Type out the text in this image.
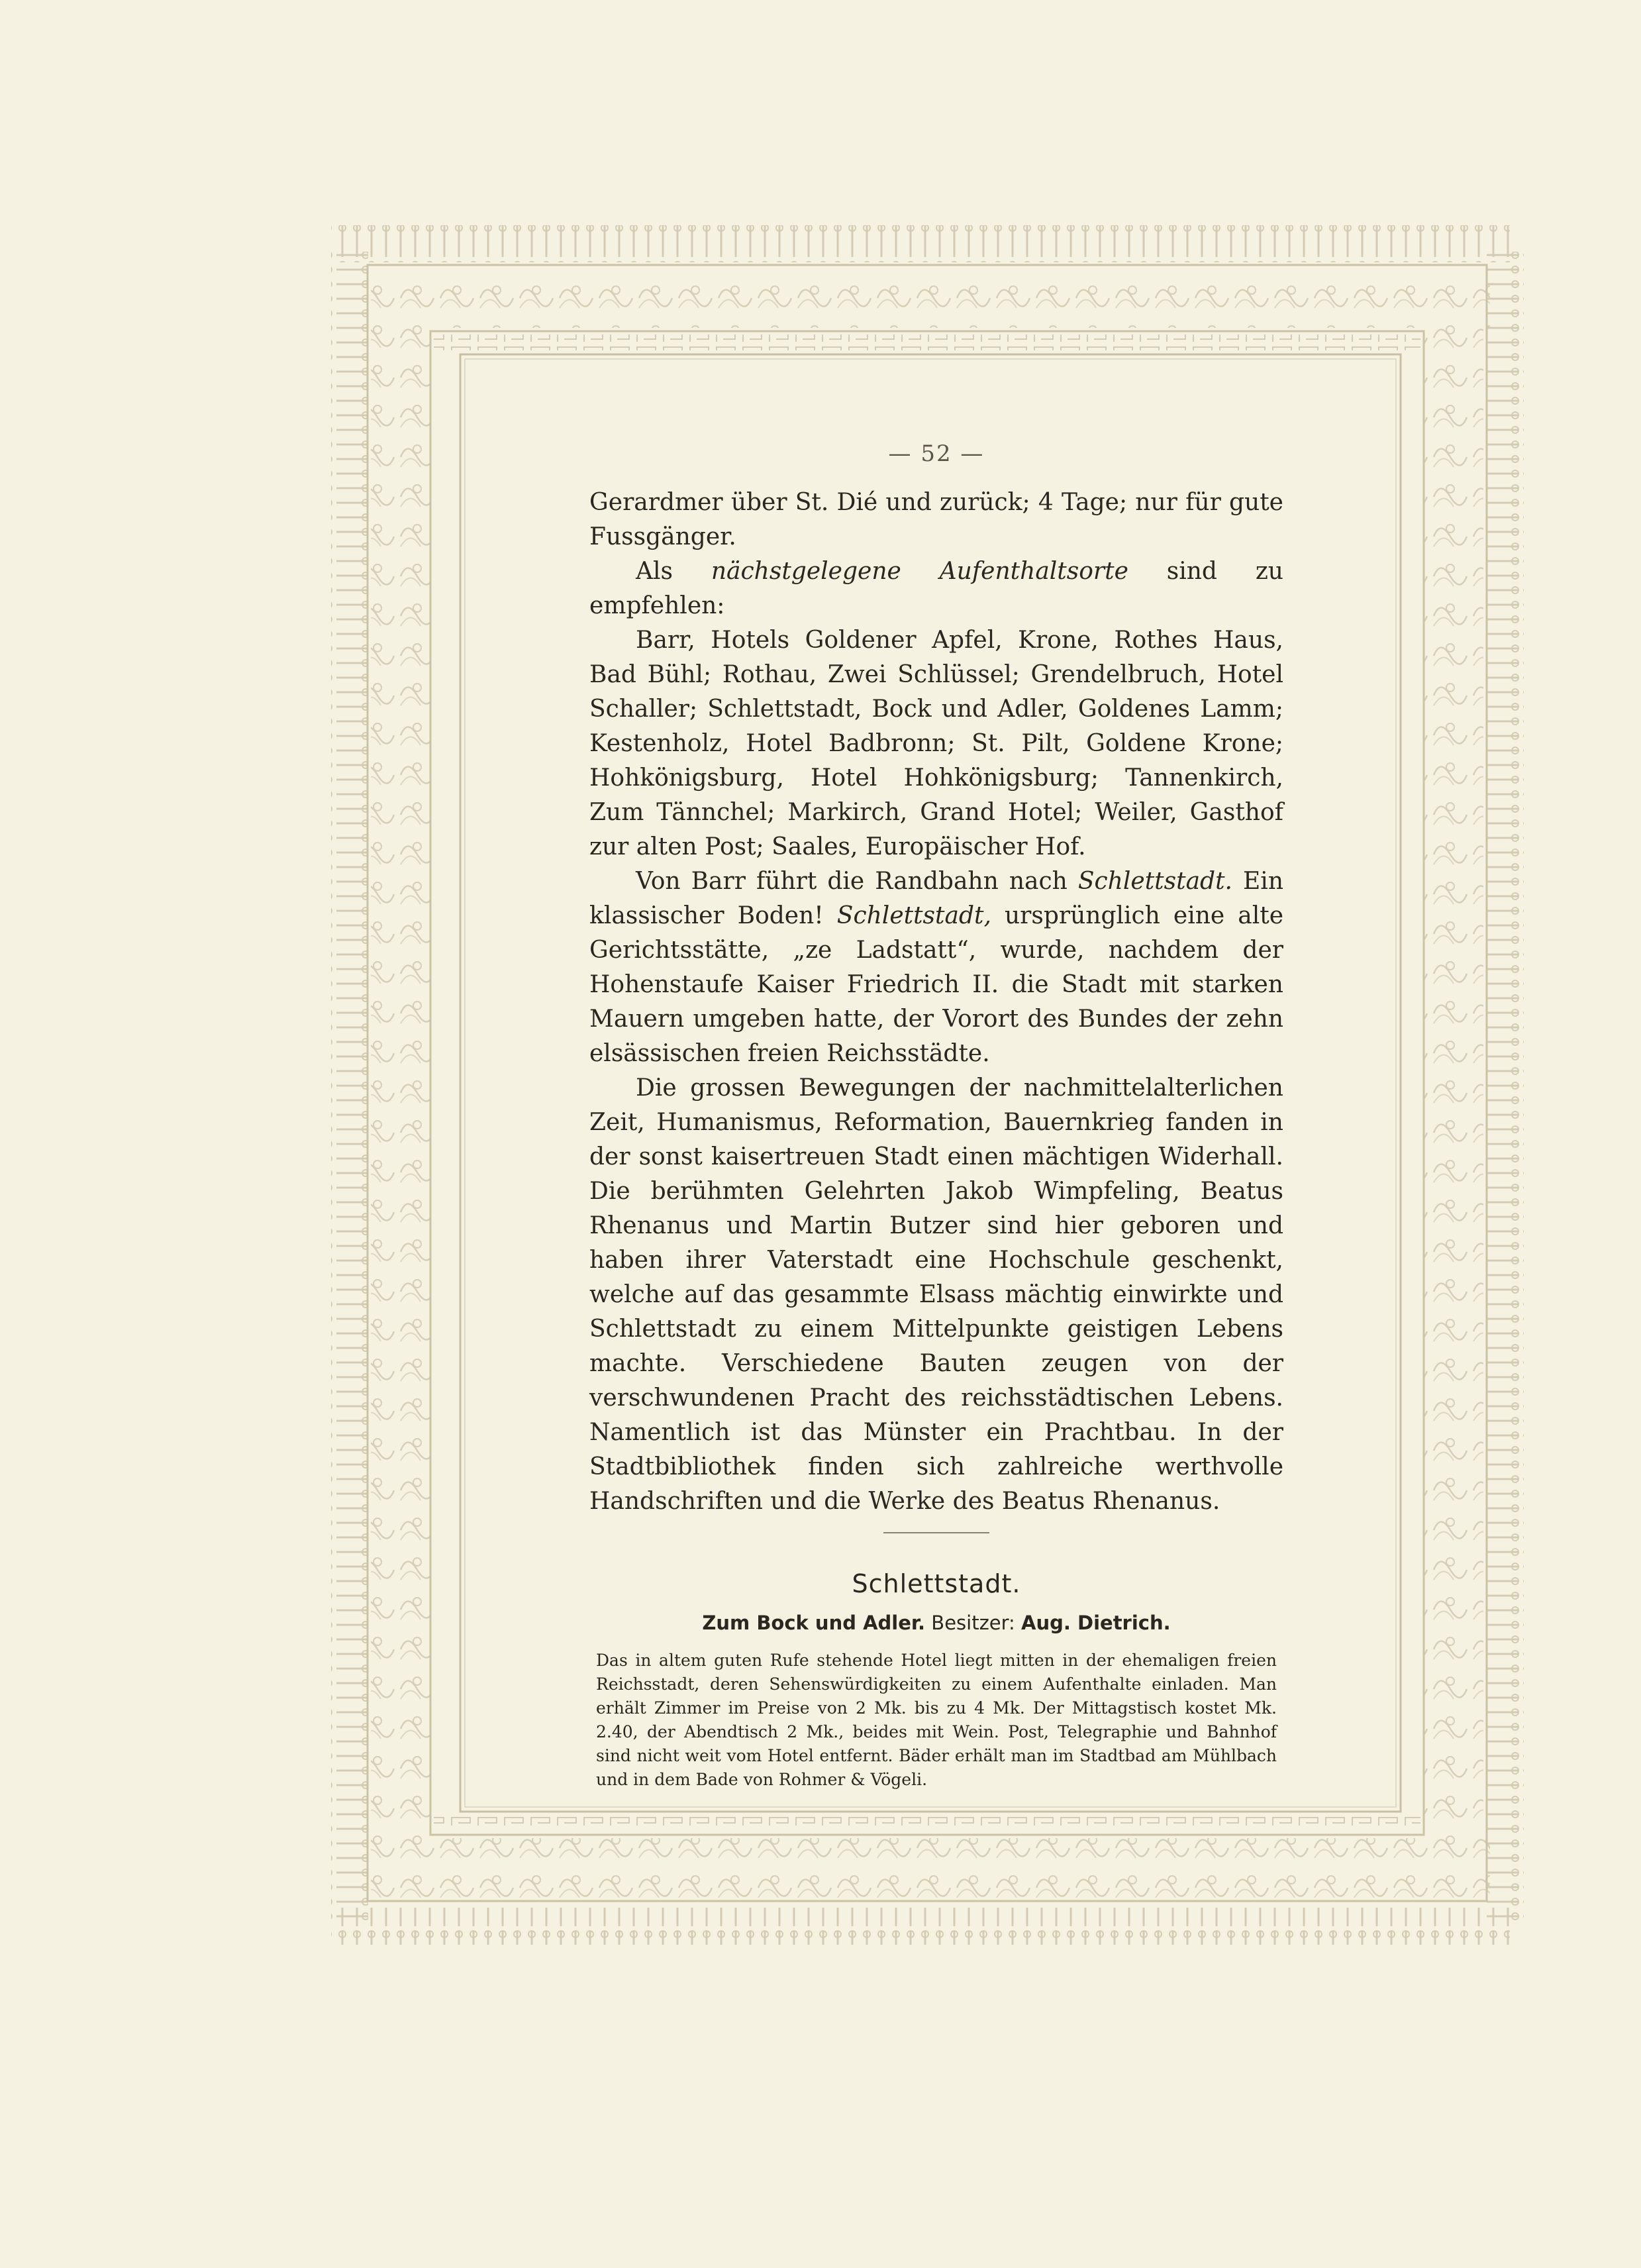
— 52 —

Gerardmer über St. Dié und zurück; 4 Tage; nur für gute Fussgänger.

Als nächstgelegene Aufenthaltsorte sind zu empfehlen:

Barr, Hotels Goldener Apfel, Krone, Rothes Haus, Bad Bühl; Rothau, Zwei Schlüssel; Grendelbruch, Hotel Schaller; Schlettstadt, Bock und Adler, Goldenes Lamm; Kestenholz, Hotel Badbronn; St. Pilt, Goldene Krone; Hohkönigsburg, Hotel Hohkönigsburg; Tannenkirch, Zum Tännchel; Markirch, Grand Hotel; Weiler, Gasthof zur alten Post; Saales, Europäischer Hof.

Von Barr führt die Randbahn nach Schlettstadt. Ein klassischer Boden! Schlettstadt, ursprünglich eine alte Gerichtsstätte, „ze Ladstatt“, wurde, nachdem der Hohenstaufe Kaiser Friedrich II. die Stadt mit starken Mauern umgeben hatte, der Vorort des Bundes der zehn elsässischen freien Reichsstädte.

Die grossen Bewegungen der nachmittelalterlichen Zeit, Humanismus, Reformation, Bauernkrieg fanden in der sonst kaisertreuen Stadt einen mächtigen Widerhall. Die berühmten Gelehrten Jakob Wimpfeling, Beatus Rhenanus und Martin Butzer sind hier geboren und haben ihrer Vaterstadt eine Hochschule geschenkt, welche auf das gesammte Elsass mächtig einwirkte und Schlettstadt zu einem Mittelpunkte geistigen Lebens machte. Verschiedene Bauten zeugen von der verschwundenen Pracht des reichsstädtischen Lebens. Namentlich ist das Münster ein Prachtbau. In der Stadtbibliothek finden sich zahlreiche werthvolle Handschriften und die Werke des Beatus Rhenanus.

Schlettstadt.
Zum Bock und Adler. Besitzer: Aug. Dietrich.

Das in altem guten Rufe stehende Hotel liegt mitten in der ehemaligen freien Reichsstadt, deren Sehenswürdigkeiten zu einem Aufenthalte einladen. Man erhält Zimmer im Preise von 2 Mk. bis zu 4 Mk. Der Mittagstisch kostet Mk. 2.40, der Abendtisch 2 Mk., beides mit Wein. Post, Telegraphie und Bahnhof sind nicht weit vom Hotel entfernt. Bäder erhält man im Stadtbad am Mühlbach und in dem Bade von Rohmer & Vögeli.
